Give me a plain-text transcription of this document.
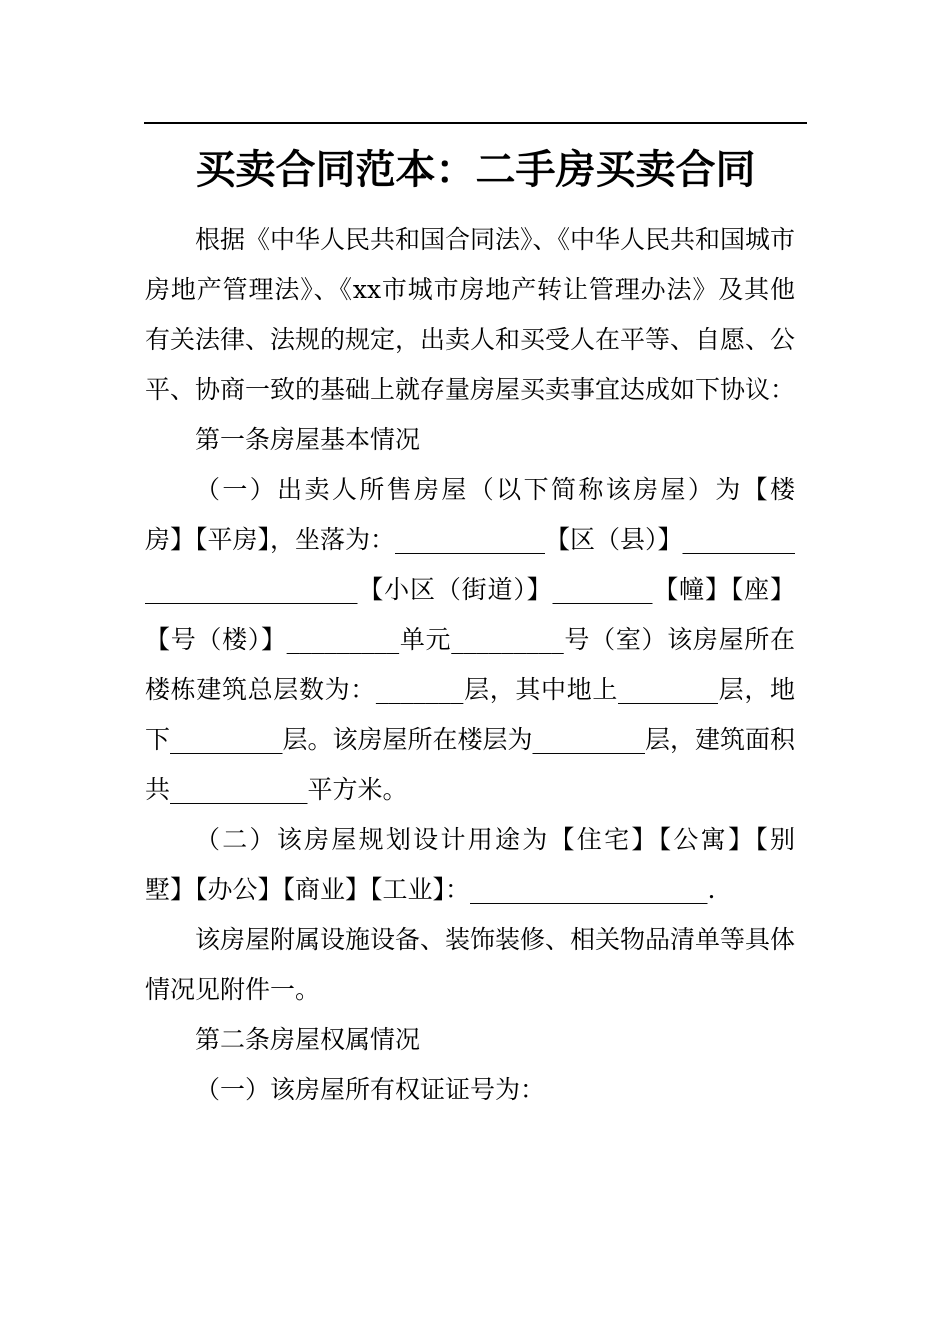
买卖合同范本：二手房买卖合同

根据《中华人民共和国合同法》、《中华人民共和国城市房地产管理法》、《xx市城市房地产转让管理办法》及其他有关法律、法规的规定，出卖人和买受人在平等、自愿、公平、协商一致的基础上就存量房屋买卖事宜达成如下协议：

第一条房屋基本情况

（一）出卖人所售房屋（以下简称该房屋）为【楼房】【平房】，坐落为：____________【区（县）】__________________________【小区（街道）】________【幢】【座】【号（楼）】_________单元_________号（室）该房屋所在楼栋建筑总层数为：_______层，其中地上________层，地下_________层。该房屋所在楼层为_________层，建筑面积共___________平方米。

（二）该房屋规划设计用途为【住宅】【公寓】【别墅】【办公】【商业】【工业】：___________________.

该房屋附属设施设备、装饰装修、相关物品清单等具体情况见附件一。

第二条房屋权属情况

（一）该房屋所有权证证号为：
